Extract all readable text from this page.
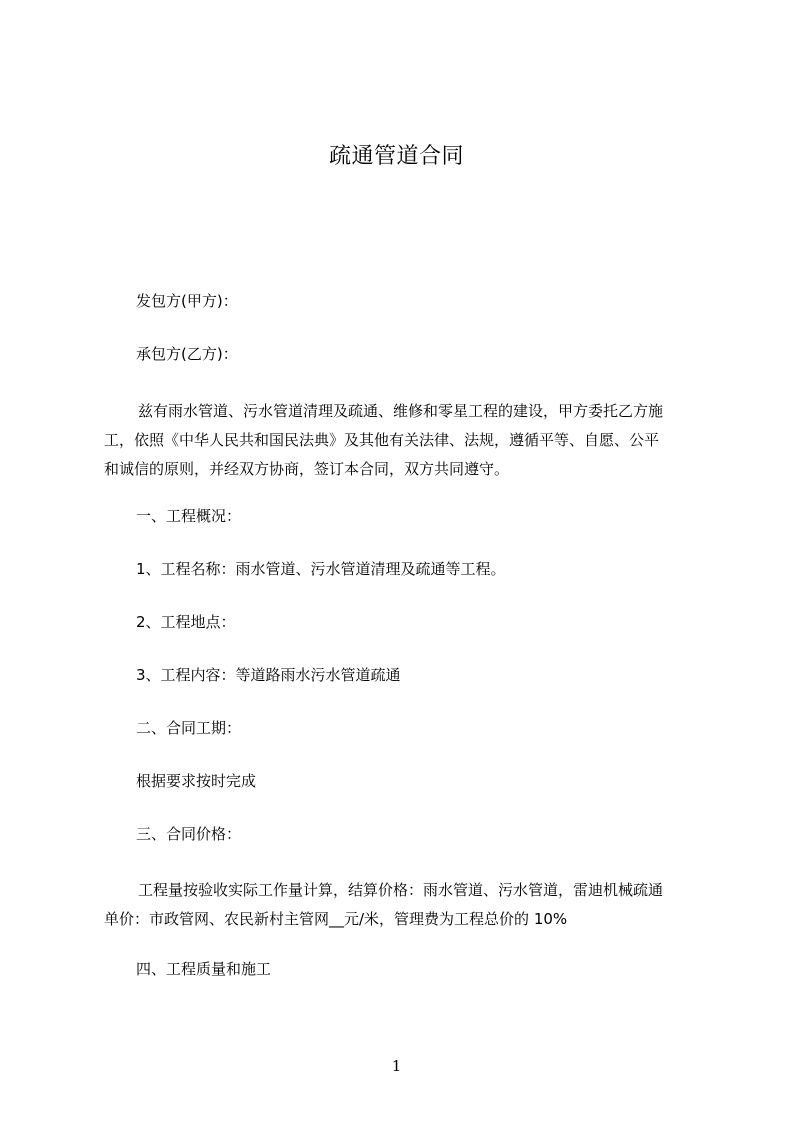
疏通管道合同
发包方(甲方)：
承包方(乙方)：
兹有雨水管道、污水管道清理及疏通、维修和零星工程的建设，甲方委托乙方施
工，依照《中华人民共和国民法典》及其他有关法律、法规，遵循平等、自愿、公平
和诚信的原则，并经双方协商，签订本合同，双方共同遵守。
一、工程概况：
1、工程名称：雨水管道、污水管道清理及疏通等工程。
2、工程地点：
3、工程内容：等道路雨水污水管道疏通
二、合同工期：
根据要求按时完成
三、合同价格：
工程量按验收实际工作量计算，结算价格：雨水管道、污水管道，雷迪机械疏通
单价：市政管网、农民新村主管网__元/米，管理费为工程总价的 10%
四、工程质量和施工
1
